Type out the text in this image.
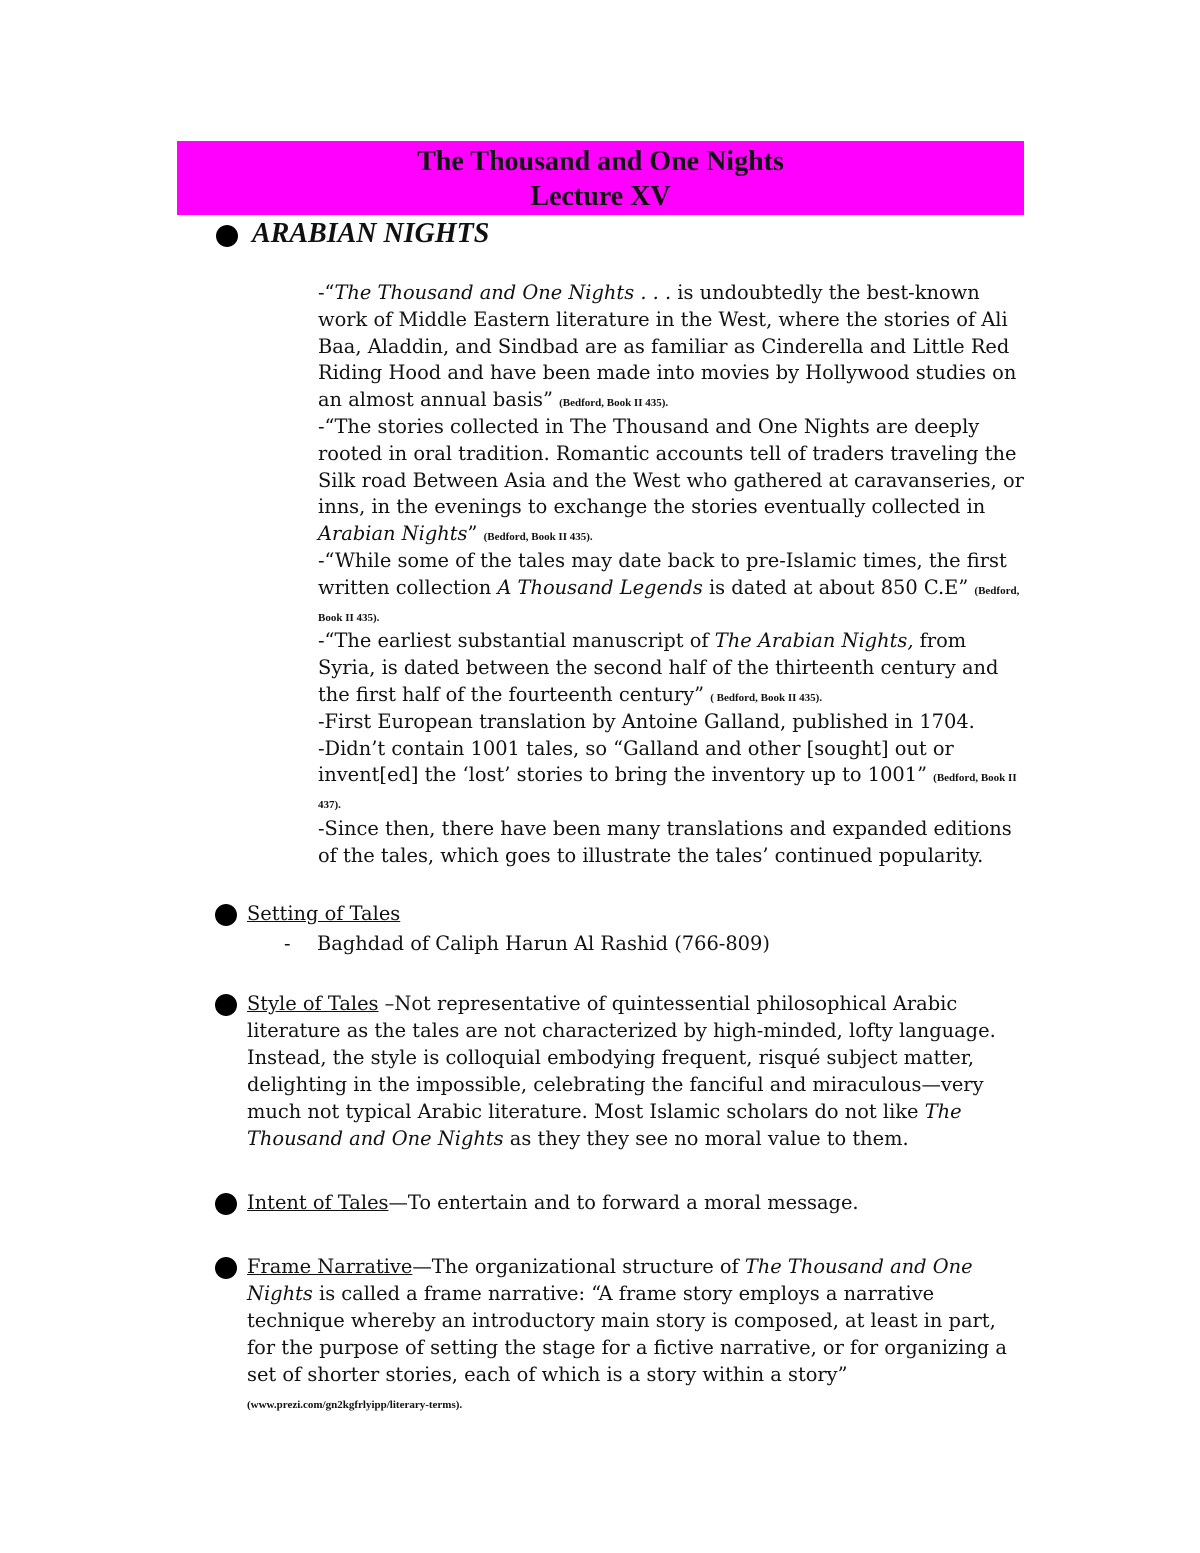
The Thousand and One Nights
Lecture XV
ARABIAN NIGHTS

-“The Thousand and One Nights . . . is undoubtedly the best-known work of Middle Eastern literature in the West, where the stories of Ali Baa, Aladdin, and Sindbad are as familiar as Cinderella and Little Red Riding Hood and have been made into movies by Hollywood studies on an almost annual basis” (Bedford, Book II 435).

-“The stories collected in The Thousand and One Nights are deeply rooted in oral tradition. Romantic accounts tell of traders traveling the Silk road Between Asia and the West who gathered at caravanseries, or inns, in the evenings to exchange the stories eventually collected in Arabian Nights” (Bedford, Book II 435).

-“While some of the tales may date back to pre-Islamic times, the first written collection A Thousand Legends is dated at about 850 C.E” (Bedford, Book II 435).

-“The earliest substantial manuscript of The Arabian Nights, from Syria, is dated between the second half of the thirteenth century and the first half of the fourteenth century” ( Bedford, Book II 435).

-First European translation by Antoine Galland, published in 1704.

-Didn’t contain 1001 tales, so “Galland and other [sought] out or invent[ed] the ‘lost’ stories to bring the inventory up to 1001” (Bedford, Book II 437).

-Since then, there have been many translations and expanded editions of the tales, which goes to illustrate the tales’ continued popularity.

Setting of Tales
- Baghdad of Caliph Harun Al Rashid (766-809)
Style of Tales –Not representative of quintessential philosophical Arabic literature as the tales are not characterized by high-minded, lofty language. Instead, the style is colloquial embodying frequent, risqué subject matter, delighting in the impossible, celebrating the fanciful and miraculous—very much not typical Arabic literature. Most Islamic scholars do not like The Thousand and One Nights as they they see no moral value to them.
Intent of Tales—To entertain and to forward a moral message.
Frame Narrative—The organizational structure of The Thousand and One Nights is called a frame narrative: “A frame story employs a narrative technique whereby an introductory main story is composed, at least in part, for the purpose of setting the stage for a fictive narrative, or for organizing a set of shorter stories, each of which is a story within a story” (www.prezi.com/gn2kgfrlyipp/literary-terms).
